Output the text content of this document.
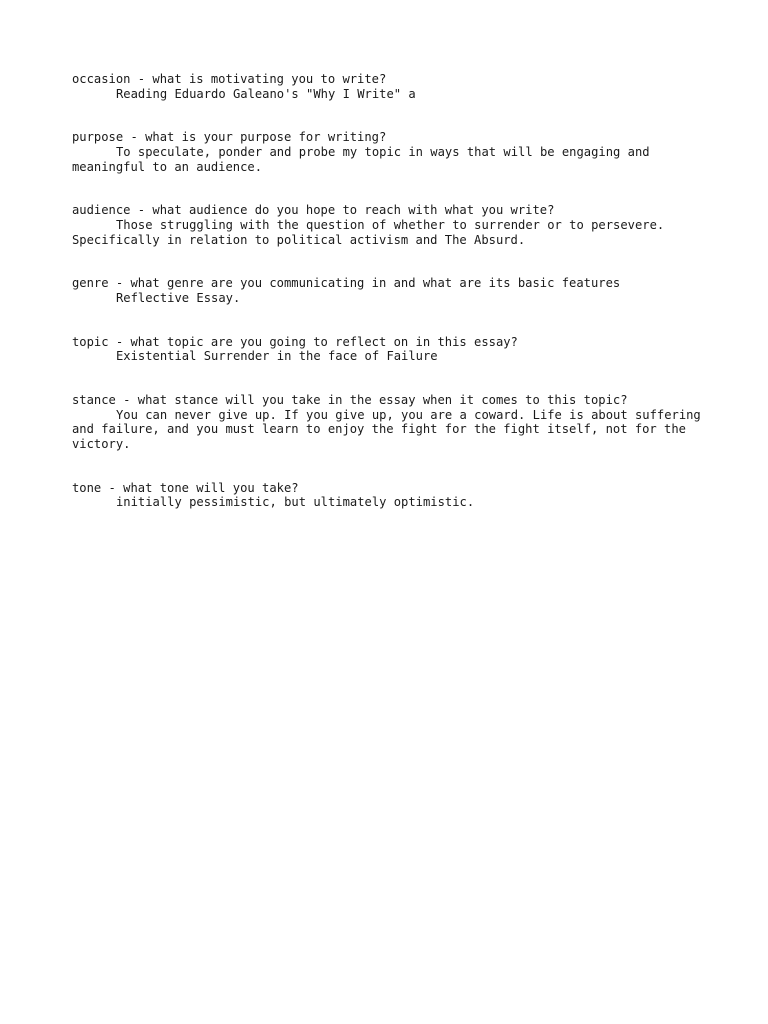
occasion - what is motivating you to write?
Reading Eduardo Galeano's "Why I Write" a
purpose - what is your purpose for writing?
To speculate, ponder and probe my topic in ways that will be engaging and meaningful to an audience.
audience - what audience do you hope to reach with what you write?
Those struggling with the question of whether to surrender or to persevere. Specifically in relation to political activism and The Absurd.
genre - what genre are you communicating in and what are its basic features
Reflective Essay.
topic - what topic are you going to reflect on in this essay?
Existential Surrender in the face of Failure
stance - what stance will you take in the essay when it comes to this topic?
You can never give up. If you give up, you are a coward. Life is about suffering and failure, and you must learn to enjoy the fight for the fight itself, not for the victory.
tone - what tone will you take?
initially pessimistic, but ultimately optimistic.
